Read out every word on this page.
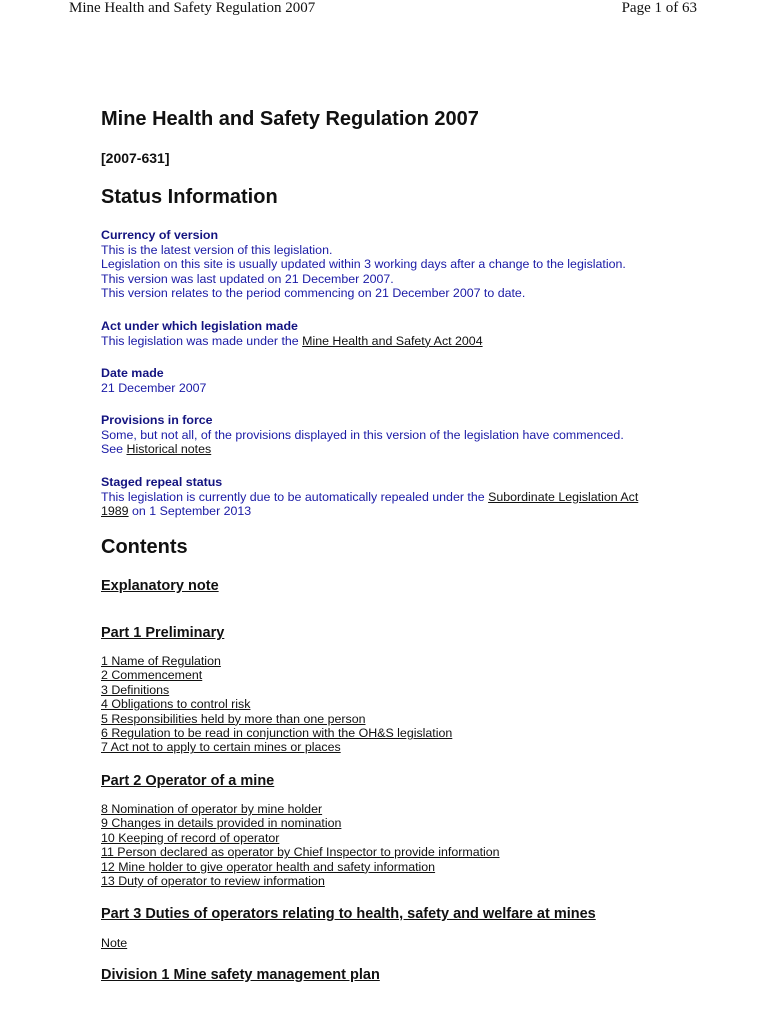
Mine Health and Safety Regulation 2007	Page 1 of 63
Mine Health and Safety Regulation 2007
[2007-631]
Status Information
Currency of version
This is the latest version of this legislation.
Legislation on this site is usually updated within 3 working days after a change to the legislation.
This version was last updated on 21 December 2007.
This version relates to the period commencing on 21 December 2007 to date.
Act under which legislation made
This legislation was made under the Mine Health and Safety Act 2004
Date made
21 December 2007
Provisions in force
Some, but not all, of the provisions displayed in this version of the legislation have commenced.
See Historical notes
Staged repeal status
This legislation is currently due to be automatically repealed under the Subordinate Legislation Act
1989 on 1 September 2013
Contents
Explanatory note
Part 1 Preliminary
1 Name of Regulation
2 Commencement
3 Definitions
4 Obligations to control risk
5 Responsibilities held by more than one person
6 Regulation to be read in conjunction with the OH&S legislation
7 Act not to apply to certain mines or places
Part 2 Operator of a mine
8 Nomination of operator by mine holder
9 Changes in details provided in nomination
10 Keeping of record of operator
11 Person declared as operator by Chief Inspector to provide information
12 Mine holder to give operator health and safety information
13 Duty of operator to review information
Part 3 Duties of operators relating to health, safety and welfare at mines
Note
Division 1 Mine safety management plan
